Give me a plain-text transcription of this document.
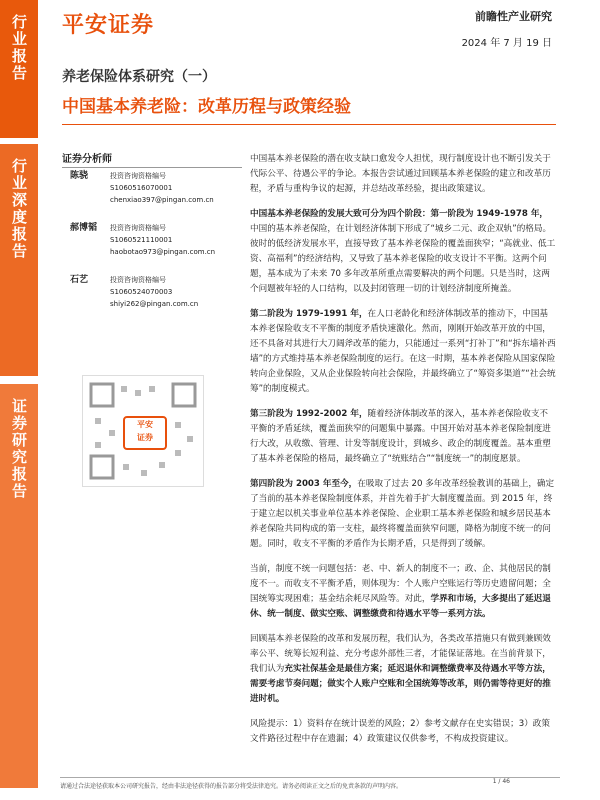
行业报告
行业深度报告
证券研究报告
平安证券	前瞻性产业研究
2024 年 7 月 19 日
养老保险体系研究（一）
中国基本养老险：改革历程与政策经验
证券分析师
陈骁	投资咨询资格编号
S1060516070001
chenxiao397@pingan.com.cn
郝博韬 投资咨询资格编号
S1060521110001
haobotao973@pingan.com.cn
石艺	投资咨询资格编号
S1060524070003
shiyi262@pingan.com.cn
平安
证券

中国基本养老保险的潜在收支缺口愈发令人担忧，现行制度设计也不断引发关于代际公平、待遇公平的争论。本报告尝试通过回顾基本养老保险的建立和改革历程，矛盾与重构争议的起源，并总结改革经验，提出政策建议。

中国基本养老保险的发展大致可分为四个阶段：第一阶段为 1949-1978 年，中国的基本养老保险，在计划经济体制下形成了“城乡二元、政企双轨”的格局。彼时的低经济发展水平，直接导致了基本养老保险的覆盖面狭窄；“高就业、低工资、高福利”的经济结构，又导致了基本养老保险的收支设计不平衡。这两个问题，基本成为了未来 70 多年改革所重点需要解决的两个问题。只是当时，这两个问题被年轻的人口结构，以及封闭管理一切的计划经济制度所掩盖。

第二阶段为 1979-1991 年，在人口老龄化和经济体制改革的推动下，中国基本养老保险收支不平衡的制度矛盾快速激化。然而，刚刚开始改革开放的中国，还不具备对其进行大刀阔斧改革的能力，只能通过一系列“打补丁”和“拆东墙补西墙”的方式维持基本养老保险制度的运行。在这一时期，基本养老保险从国家保险转向企业保险，又从企业保险转向社会保险，并最终确立了“筹资多渠道”“社会统筹”的制度模式。

第三阶段为 1992-2002 年，随着经济体制改革的深入，基本养老保险收支不平衡的矛盾延续，覆盖面狭窄的问题集中暴露。中国开始对基本养老保险制度进行大改，从收缴、管理、计发等制度设计，到城乡、政企的制度覆盖。基本重塑了基本养老保险的格局，最终确立了“统账结合”“制度统一”的制度愿景。

第四阶段为 2003 年至今，在吸取了过去 20 多年改革经验教训的基础上，确定了当前的基本养老保险制度体系，并首先着手扩大制度覆盖面。到 2015 年，终于建立起以机关事业单位基本养老保险、企业职工基本养老保险和城乡居民基本养老保险共同构成的第一支柱，最终将覆盖面狭窄问题，降格为制度不统一的问题。同时，收支不平衡的矛盾作为长期矛盾，只是得到了缓解。

当前，制度不统一问题包括：老、中、新人的制度不一；政、企、其他居民的制度不一。而收支不平衡矛盾，则体现为：个人账户空账运行等历史遗留问题；全国统筹实现困难；基金结余耗尽风险等。对此，学界和市场，大多提出了延迟退休、统一制度、做实空账、调整缴费和待遇水平等一系列方法。

回顾基本养老保险的改革和发展历程，我们认为，各类改革措施只有做到兼顾效率公平、统筹长短利益、充分考虑外部性三者，才能保证落地。在当前背景下，我们认为充实社保基金是最佳方案；延迟退休和调整缴费率及待遇水平等方法，需要考虑节奏问题；做实个人账户空账和全国统筹等改革，则仍需等待更好的推进时机。

风险提示：1）资料存在统计误差的风险；2）参考文献存在史实错误；3）政策文件路径过程中存在遗漏；4）政策建议仅供参考，不构成投资建议。

请通过合法途径获取本公司研究报告，经由非法途径获得的报告部分将受法律追究。请务必阅读正文之后的免责条款的声明内容。
1 / 46
